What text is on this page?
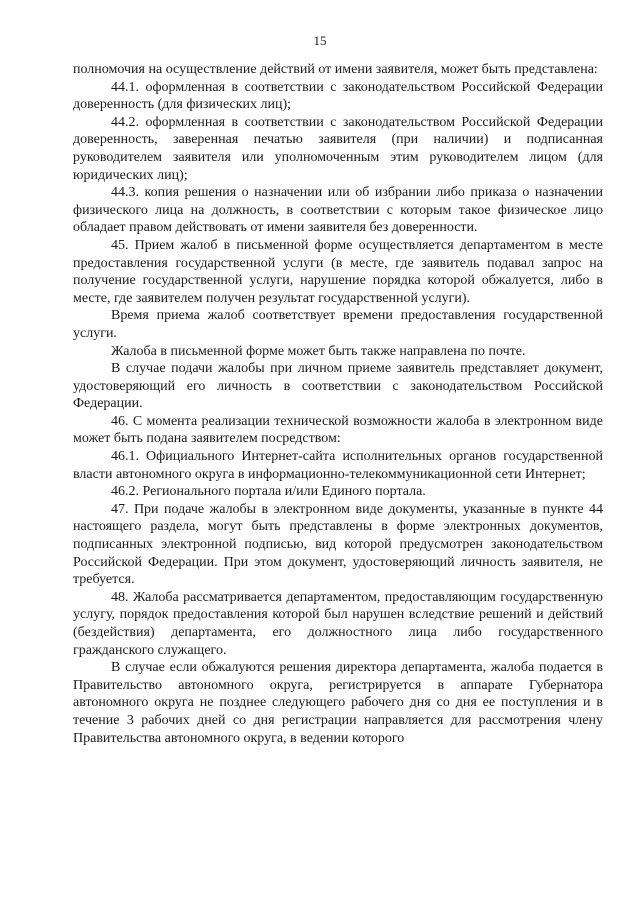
15

полномочия на осуществление действий от имени заявителя, может быть представлена:

44.1. оформленная в соответствии с законодательством Российской Федерации доверенность (для физических лиц);

44.2. оформленная в соответствии с законодательством Российской Федерации доверенность, заверенная печатью заявителя (при наличии) и подписанная руководителем заявителя или уполномоченным этим руководителем лицом (для юридических лиц);

44.3. копия решения о назначении или об избрании либо приказа о назначении физического лица на должность, в соответствии с которым такое физическое лицо обладает правом действовать от имени заявителя без доверенности.

45. Прием жалоб в письменной форме осуществляется департаментом в месте предоставления государственной услуги (в месте, где заявитель подавал запрос на получение государственной услуги, нарушение порядка которой обжалуется, либо в месте, где заявителем получен результат государственной услуги).

Время приема жалоб соответствует времени предоставления государственной услуги.

Жалоба в письменной форме может быть также направлена по почте.

В случае подачи жалобы при личном приеме заявитель представляет документ, удостоверяющий его личность в соответствии с законодательством Российской Федерации.

46. С момента реализации технической возможности жалоба в электронном виде может быть подана заявителем посредством:

46.1. Официального Интернет-сайта исполнительных органов государственной власти автономного округа в информационно-телекоммуникационной сети Интернет;

46.2. Регионального портала и/или Единого портала.

47. При подаче жалобы в электронном виде документы, указанные в пункте 44 настоящего раздела, могут быть представлены в форме электронных документов, подписанных электронной подписью, вид которой предусмотрен законодательством Российской Федерации. При этом документ, удостоверяющий личность заявителя, не требуется.

48. Жалоба рассматривается департаментом, предоставляющим государственную услугу, порядок предоставления которой был нарушен вследствие решений и действий (бездействия) департамента, его должностного лица либо государственного гражданского служащего.

В случае если обжалуются решения директора департамента, жалоба подается в Правительство автономного округа, регистрируется в аппарате Губернатора автономного округа не позднее следующего рабочего дня со дня ее поступления и в течение 3 рабочих дней со дня регистрации направляется для рассмотрения члену Правительства автономного округа, в ведении которого
